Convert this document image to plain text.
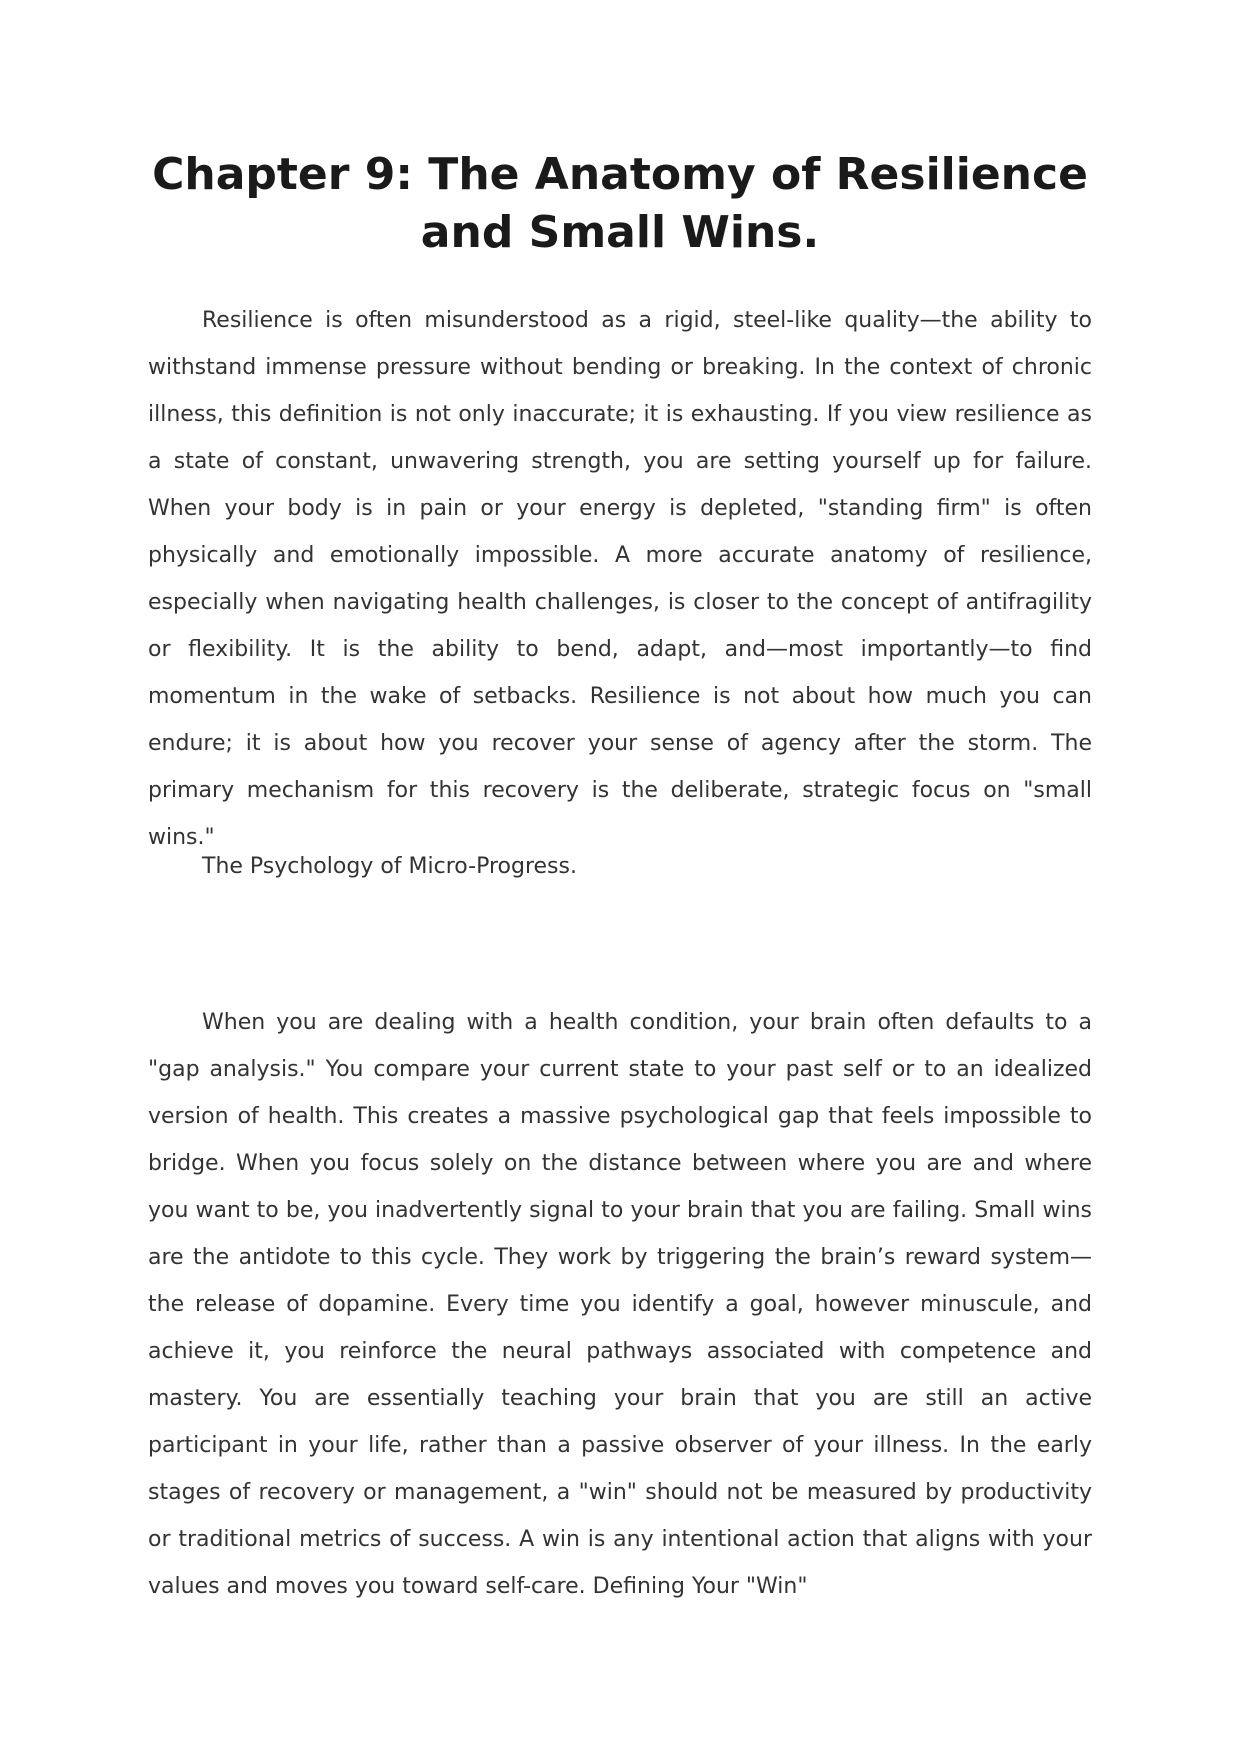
Chapter 9: The Anatomy of Resilience and Small Wins.

Resilience is often misunderstood as a rigid, steel-like quality—the ability to withstand immense pressure without bending or breaking. In the context of chronic illness, this definition is not only inaccurate; it is exhausting. If you view resilience as a state of constant, unwavering strength, you are setting yourself up for failure. When your body is in pain or your energy is depleted, "standing firm" is often physically and emotionally impossible. A more accurate anatomy of resilience, especially when navigating health challenges, is closer to the concept of antifragility or flexibility. It is the ability to bend, adapt, and—most importantly—to find momentum in the wake of setbacks. Resilience is not about how much you can endure; it is about how you recover your sense of agency after the storm. The primary mechanism for this recovery is the deliberate, strategic focus on "small wins."

The Psychology of Micro-Progress.

When you are dealing with a health condition, your brain often defaults to a "gap analysis." You compare your current state to your past self or to an idealized version of health. This creates a massive psychological gap that feels impossible to bridge. When you focus solely on the distance between where you are and where you want to be, you inadvertently signal to your brain that you are failing. Small wins are the antidote to this cycle. They work by triggering the brain’s reward system—the release of dopamine. Every time you identify a goal, however minuscule, and achieve it, you reinforce the neural pathways associated with competence and mastery. You are essentially teaching your brain that you are still an active participant in your life, rather than a passive observer of your illness. In the early stages of recovery or management, a "win" should not be measured by productivity or traditional metrics of success. A win is any intentional action that aligns with your values and moves you toward self-care. Defining Your "Win"
